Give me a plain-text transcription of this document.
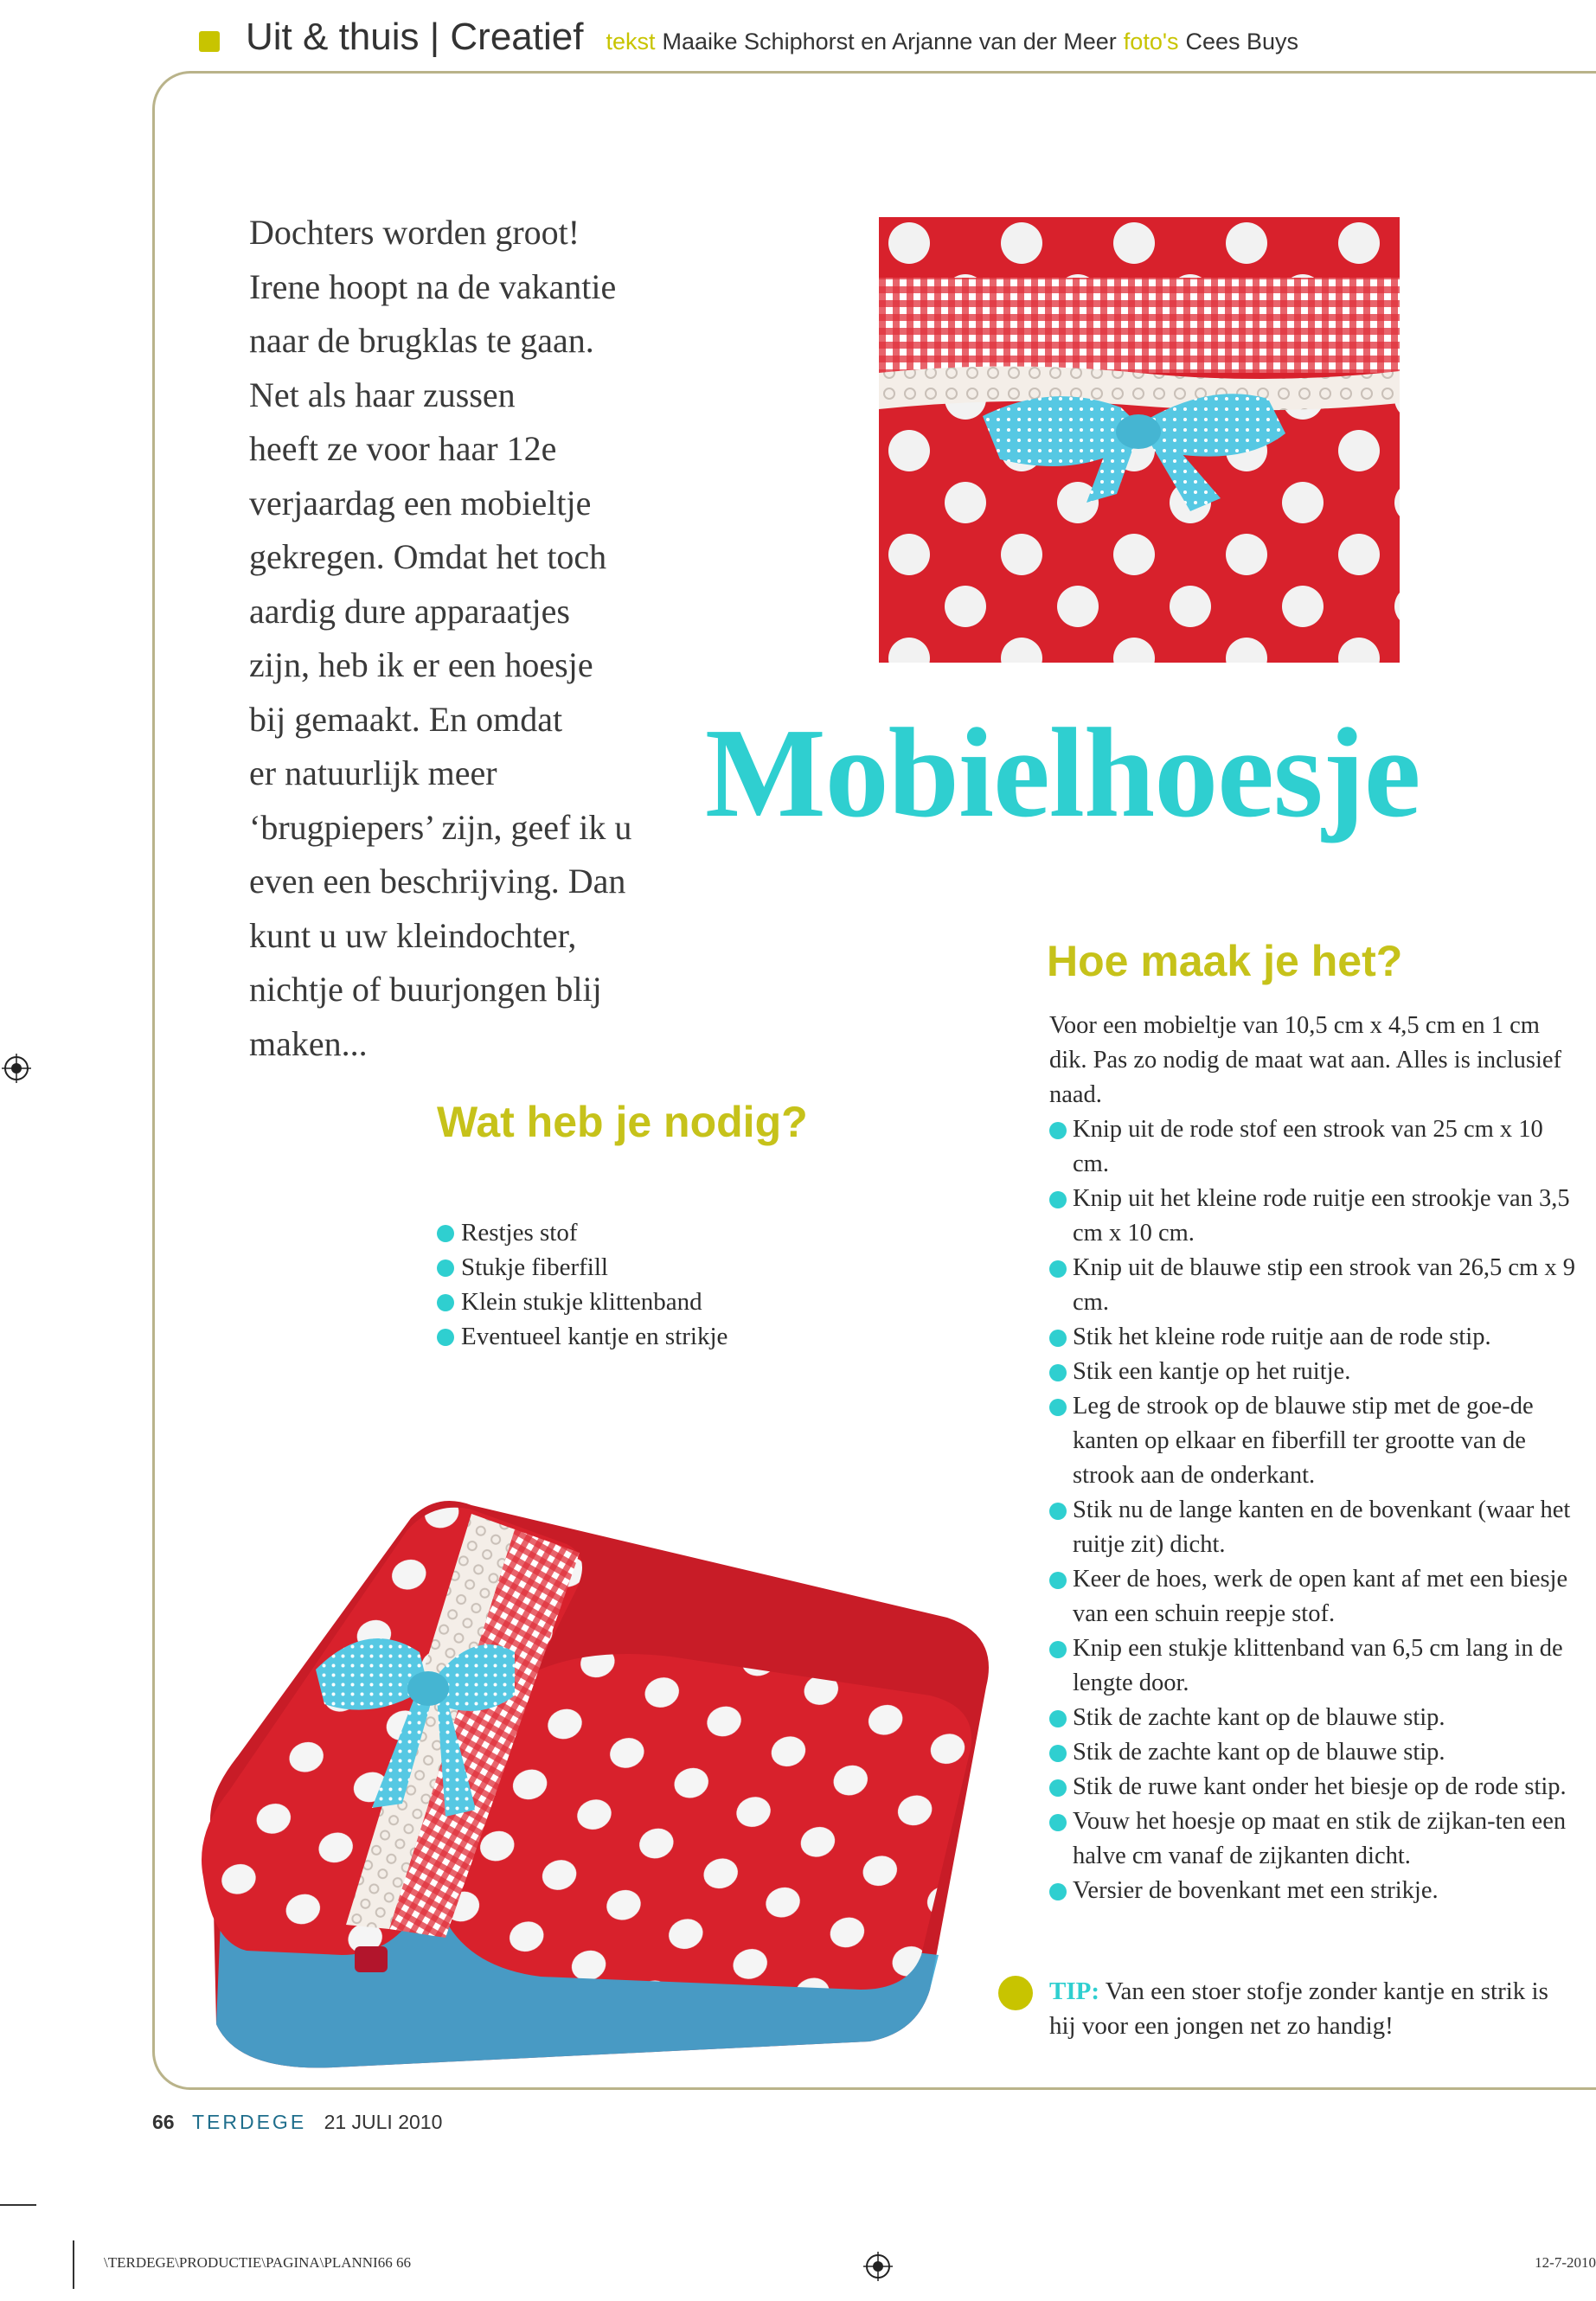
Uit & thuis | Creatief tekst Maaike Schiphorst en Arjanne van der Meer foto's Cees Buys
Dochters worden groot!
Irene hoopt na de vakantie
naar de brugklas te gaan.
Net als haar zussen
heeft ze voor haar 12e
verjaardag een mobieltje
gekregen. Omdat het toch
aardig dure apparaatjes
zijn, heb ik er een hoesje
bij gemaakt. En omdat
er natuurlijk meer
‘brugpiepers’ zijn, geef ik u
even een beschrijving. Dan
kunt u uw kleindochter,
nichtje of buurjongen blij
maken...
Mobielhoesje
Wat heb je nodig?
Restjes stof
Stukje fiberfill
Klein stukje klittenband
Eventueel kantje en strikje
Hoe maak je het?

Voor een mobieltje van 10,5 cm x 4,5 cm en 1 cm dik. Pas zo nodig de maat wat aan. Alles is inclusief naad.

Knip uit de rode stof een strook van 25 cm x 10 cm.
Knip uit het kleine rode ruitje een strookje van 3,5 cm x 10 cm.
Knip uit de blauwe stip een strook van 26,5 cm x 9 cm.
Stik het kleine rode ruitje aan de rode stip.
Stik een kantje op het ruitje.
Leg de strook op de blauwe stip met de goe-de kanten op elkaar en fiberfill ter grootte van de strook aan de onderkant.
Stik nu de lange kanten en de bovenkant (waar het ruitje zit) dicht.
Keer de hoes, werk de open kant af met een biesje van een schuin reepje stof.
Knip een stukje klittenband van 6,5 cm lang in de lengte door.
Stik de zachte kant op de blauwe stip.
Stik de zachte kant op de blauwe stip.
Stik de ruwe kant onder het biesje op de rode stip.
Vouw het hoesje op maat en stik de zijkan-ten een halve cm vanaf de zijkanten dicht.
Versier de bovenkant met een strikje.

TIP: Van een stoer stofje zonder kantje en strik is hij voor een jongen net zo handig!

66 TERDEGE 21 JULI 2010
\TERDEGE\PRODUCTIE\PAGINA\PLANNI66 66	12-7-2010
